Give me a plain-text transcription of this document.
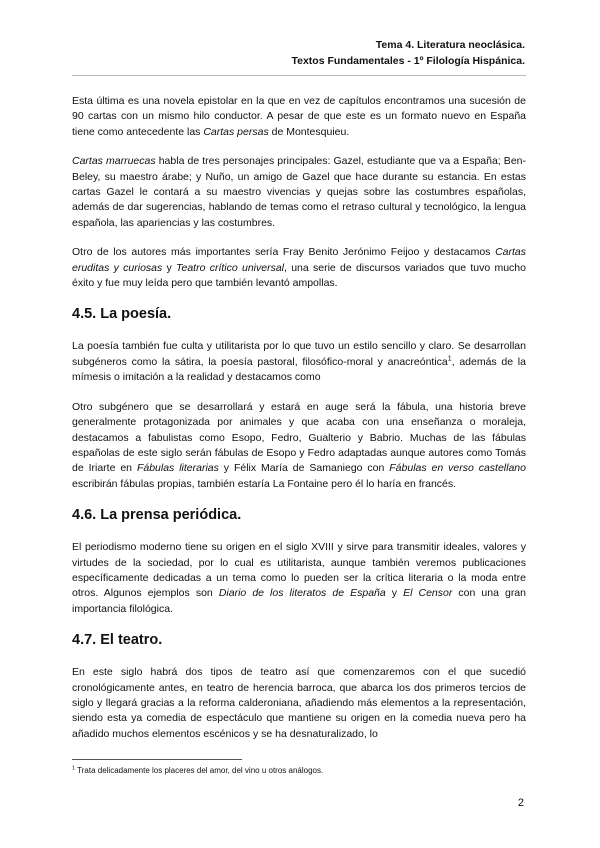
Tema 4. Literatura neoclásica.
Textos Fundamentales - 1º Filología Hispánica.

Esta última es una novela epistolar en la que en vez de capítulos encontramos una sucesión de 90 cartas con un mismo hilo conductor. A pesar de que este es un formato nuevo en España tiene como antecedente las Cartas persas de Montesquieu.

Cartas marruecas habla de tres personajes principales: Gazel, estudiante que va a España; Ben-Beley, su maestro árabe; y Nuño, un amigo de Gazel que hace durante su estancia. En estas cartas Gazel le contará a su maestro vivencias y quejas sobre las costumbres españolas, además de dar sugerencias, hablando de temas como el retraso cultural y tecnológico, la lengua española, las apariencias y las costumbres.

Otro de los autores más importantes sería Fray Benito Jerónimo Feijoo y destacamos Cartas eruditas y curiosas y Teatro crítico universal, una serie de discursos variados que tuvo mucho éxito y fue muy leída pero que también levantó ampollas.

4.5. La poesía.

La poesía también fue culta y utilitarista por lo que tuvo un estilo sencillo y claro. Se desarrollan subgéneros como la sátira, la poesía pastoral, filosófico-moral y anacreóntica$^1$, además de la mímesis o imitación a la realidad y destacamos como

Otro subgénero que se desarrollará y estará en auge será la fábula, una historia breve generalmente protagonizada por animales y que acaba con una enseñanza o moraleja, destacamos a fabulistas como Esopo, Fedro, Gualterio y Babrio. Muchas de las fábulas españolas de este siglo serán fábulas de Esopo y Fedro adaptadas aunque autores como Tomás de Iriarte en Fábulas literarias y Félix María de Samaniego con Fábulas en verso castellano escribirán fábulas propias, también estaría La Fontaine pero él lo haría en francés.

4.6. La prensa periódica.

El periodismo moderno tiene su origen en el siglo XVIII y sirve para transmitir ideales, valores y virtudes de la sociedad, por lo cual es utilitarista, aunque también veremos publicaciones específicamente dedicadas a un tema como lo pueden ser la crítica literaria o la moda entre otros. Algunos ejemplos son Diario de los literatos de España y El Censor con una gran importancia filológica.

4.7. El teatro.

En este siglo habrá dos tipos de teatro así que comenzaremos con el que sucedió cronológicamente antes, en teatro de herencia barroca, que abarca los dos primeros tercios de siglo y llegará gracias a la reforma calderoniana, añadiendo más elementos a la representación, siendo esta ya comedia de espectáculo que mantiene su origen en la comedia nueva pero ha añadido muchos elementos escénicos y se ha desnaturalizado, lo

$^1$ Trata delicadamente los placeres del amor, del vino u otros análogos.
2
